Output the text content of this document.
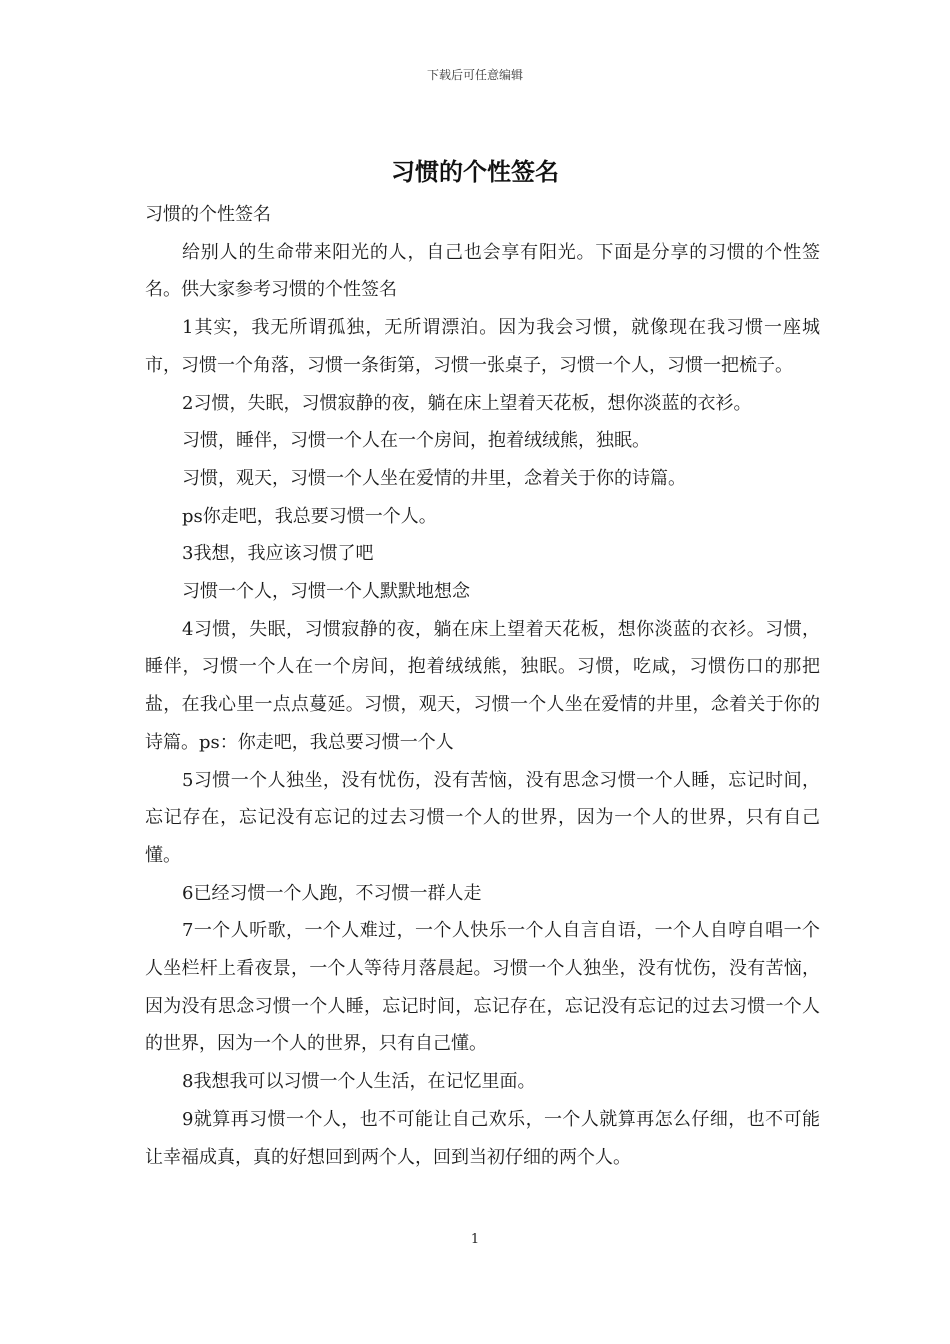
下载后可任意编辑
习惯的个性签名

习惯的个性签名

给别人的生命带来阳光的人，自己也会享有阳光。下面是分享的习惯的个性签名。供大家参考习惯的个性签名

1其实，我无所谓孤独，无所谓漂泊。因为我会习惯，就像现在我习惯一座城市，习惯一个角落，习惯一条街第，习惯一张桌子，习惯一个人，习惯一把梳子。

2习惯，失眠，习惯寂静的夜，躺在床上望着天花板，想你淡蓝的衣衫。

习惯，睡伴，习惯一个人在一个房间，抱着绒绒熊，独眠。

习惯，观天，习惯一个人坐在爱情的井里，念着关于你的诗篇。

ps你走吧，我总要习惯一个人。

3我想，我应该习惯了吧

习惯一个人，习惯一个人默默地想念

4习惯，失眠，习惯寂静的夜，躺在床上望着天花板，想你淡蓝的衣衫。习惯，睡伴，习惯一个人在一个房间，抱着绒绒熊，独眠。习惯，吃咸，习惯伤口的那把盐，在我心里一点点蔓延。习惯，观天，习惯一个人坐在爱情的井里，念着关于你的诗篇。ps：你走吧，我总要习惯一个人

5习惯一个人独坐，没有忧伤，没有苦恼，没有思念习惯一个人睡，忘记时间，忘记存在，忘记没有忘记的过去习惯一个人的世界，因为一个人的世界，只有自己懂。

6已经习惯一个人跑，不习惯一群人走

7一个人听歌，一个人难过，一个人快乐一个人自言自语，一个人自哼自唱一个人坐栏杆上看夜景，一个人等待月落晨起。习惯一个人独坐，没有忧伤，没有苦恼，因为没有思念习惯一个人睡，忘记时间，忘记存在，忘记没有忘记的过去习惯一个人的世界，因为一个人的世界，只有自己懂。

8我想我可以习惯一个人生活，在记忆里面。

9就算再习惯一个人，也不可能让自己欢乐，一个人就算再怎么仔细，也不可能让幸福成真，真的好想回到两个人，回到当初仔细的两个人。

1
